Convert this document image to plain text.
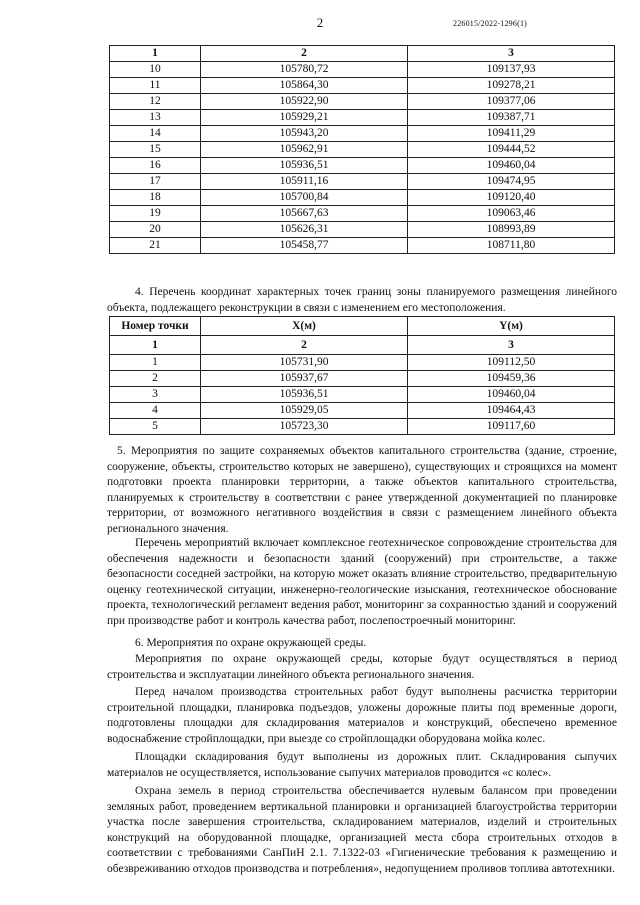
2	226015/2022-1296(1)
1	2	3
10	105780,72	109137,93
11	105864,30	109278,21
12	105922,90	109377,06
13	105929,21	109387,71
14	105943,20	109411,29
15	105962,91	109444,52
16	105936,51	109460,04
17	105911,16	109474,95
18	105700,84	109120,40
19	105667,63	109063,46
20	105626,31	108993,89
21	105458,77	108711,80

4. Перечень координат характерных точек границ зоны планируемого размещения линейного объекта, подлежащего реконструкции в связи с изменением его местоположения.

Номер точки	X(м)	Y(м)
1	2	3
1	105731,90	109112,50
2	105937,67	109459,36
3	105936,51	109460,04
4	105929,05	109464,43
5	105723,30	109117,60

5. Мероприятия по защите сохраняемых объектов капитального строительства (здание, строение, сооружение, объекты, строительство которых не завершено), существующих и строящихся на момент подготовки проекта планировки территории, а также объектов капитального строительства, планируемых к строительству в соответствии с ранее утвержденной документацией по планировке территории, от возможного негативного воздействия в связи с размещением линейного объекта регионального значения.

Перечень мероприятий включает комплексное геотехническое сопровождение строительства для обеспечения надежности и безопасности зданий (сооружений) при строительстве, а также безопасности соседней застройки, на которую может оказать влияние строительство, предварительную оценку геотехнической ситуации, инженерно-геологические изыскания, геотехническое обоснование проекта, технологический регламент ведения работ, мониторинг за сохранностью зданий и сооружений при производстве работ и контроль качества работ, послепостроечный мониторинг.

6. Мероприятия по охране окружающей среды.

Мероприятия по охране окружающей среды, которые будут осуществляться в период строительства и эксплуатации линейного объекта регионального значения.

Перед началом производства строительных работ будут выполнены расчистка территории строительной площадки, планировка подъездов, уложены дорожные плиты под временные дороги, подготовлены площадки для складирования материалов и конструкций, обеспечено временное водоснабжение стройплощадки, при выезде со стройплощадки оборудована мойка колес.

Площадки складирования будут выполнены из дорожных плит. Складирования сыпучих материалов не осуществляется, использование сыпучих материалов проводится «с колес».

Охрана земель в период строительства обеспечивается нулевым балансом при проведении земляных работ, проведением вертикальной планировки и организацией благоустройства территории участка после завершения строительства, складированием материалов, изделий и строительных конструкций на оборудованной площадке, организацией места сбора строительных отходов в соответствии с требованиями СанПиН 2.1. 7.1322-03 «Гигиенические требования к размещению и обезвреживанию отходов производства и потребления», недопущением проливов топлива автотехники.
